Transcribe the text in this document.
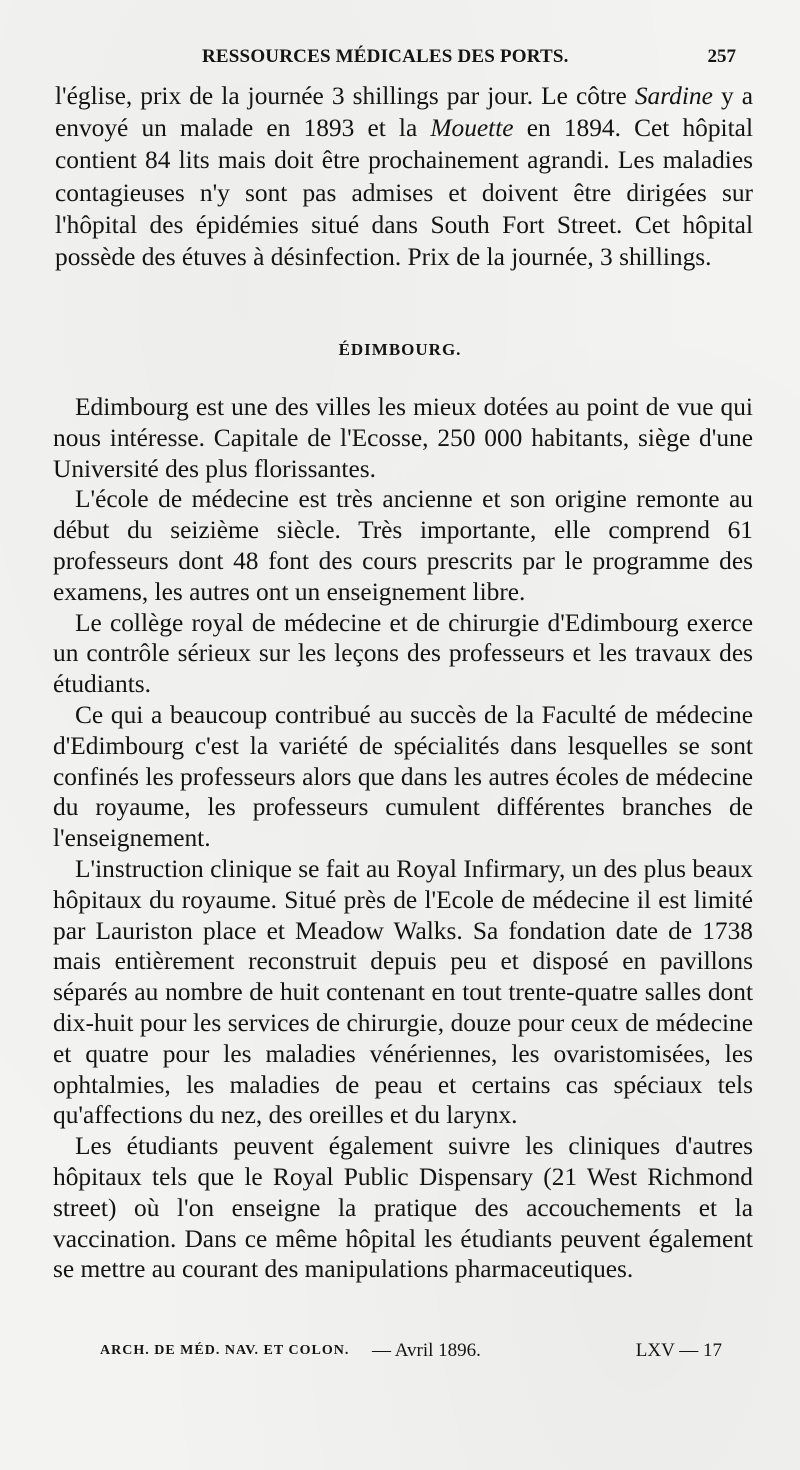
RESSOURCES MÉDICALES DES PORTS.	257

l'église, prix de la journée 3 shillings par jour. Le côtre Sardine y a envoyé un malade en 1893 et la Mouette en 1894. Cet hôpital contient 84 lits mais doit être prochainement agrandi. Les maladies contagieuses n'y sont pas admises et doivent être dirigées sur l'hôpital des épidémies situé dans South Fort Street. Cet hôpital possède des étuves à désinfection. Prix de la journée, 3 shillings.

ÉDIMBOURG.

Edimbourg est une des villes les mieux dotées au point de vue qui nous intéresse. Capitale de l'Ecosse, 250 000 habitants, siège d'une Université des plus florissantes.

L'école de médecine est très ancienne et son origine remonte au début du seizième siècle. Très importante, elle comprend 61 professeurs dont 48 font des cours prescrits par le programme des examens, les autres ont un enseignement libre.

Le collège royal de médecine et de chirurgie d'Edimbourg exerce un contrôle sérieux sur les leçons des professeurs et les travaux des étudiants.

Ce qui a beaucoup contribué au succès de la Faculté de médecine d'Edimbourg c'est la variété de spécialités dans lesquelles se sont confinés les professeurs alors que dans les autres écoles de médecine du royaume, les professeurs cumulent différentes branches de l'enseignement.

L'instruction clinique se fait au Royal Infirmary, un des plus beaux hôpitaux du royaume. Situé près de l'Ecole de médecine il est limité par Lauriston place et Meadow Walks. Sa fondation date de 1738 mais entièrement reconstruit depuis peu et disposé en pavillons séparés au nombre de huit contenant en tout trente-quatre salles dont dix-huit pour les services de chirurgie, douze pour ceux de médecine et quatre pour les maladies vénériennes, les ovaristomisées, les ophtalmies, les maladies de peau et certains cas spéciaux tels qu'affections du nez, des oreilles et du larynx.

Les étudiants peuvent également suivre les cliniques d'autres hôpitaux tels que le Royal Public Dispensary (21 West Richmond street) où l'on enseigne la pratique des accouchements et la vaccination. Dans ce même hôpital les étudiants peuvent également se mettre au courant des manipulations pharmaceutiques.

ARCH. DE MÉD. NAV. ET COLON. — Avril 1896.	LXV — 17
